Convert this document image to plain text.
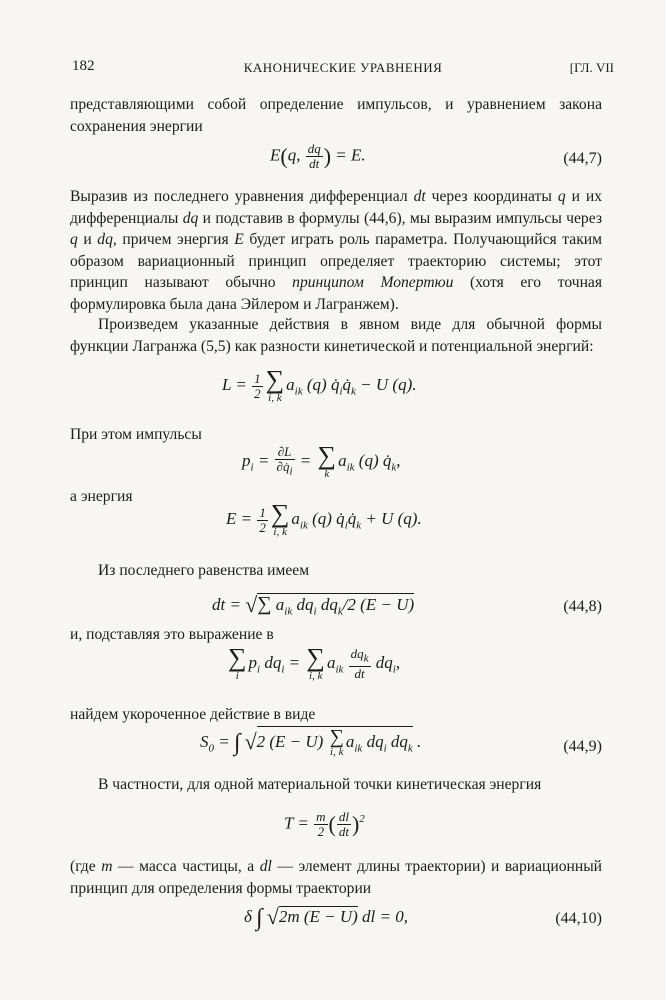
182	КАНОНИЧЕСКИЕ УРАВНЕНИЯ	[ГЛ. VII
представляющими собой определение импульсов, и уравнением закона сохранения энергии
E(q, $\frac{dq}{dt}$ ) = E.	(44,7)
Выразив из последнего уравнения дифференциал dt через координаты q и их дифференциалы dq и подставив в формулы (44,6), мы выразим импульсы через q и dq, причем энергия E будет играть роль параметра. Получающийся таким образом вариационный принцип определяет траекторию системы; этот принцип называют обычно принципом Мопертюи (хотя его точная формулировка была дана Эйлером и Лагранжем).
Произведем указанные действия в явном виде для обычной формы функции Лагранжа (5,5) как разности кинетической и потенциальной энергий:
$L = \frac{1}{2}$ ∑
i, k
$a_{ik}$ (q) $q̇_iq̇_k - U$ (q).
При этом импульсы
$p_i = \frac{\partial L}{\partial q̇_i}$ = ∑
k
$a_{ik}$ (q) $q̇_k$,
а энергия
$E = \frac{1}{2}$ ∑
i, k
$a_{ik}$ (q) $q̇_iq̇_k + U$ (q).
Из последнего равенства имеем
dt = √∑ $a_{ik}$ $dq_i$ $dq_k/2$ (E − U)	(44,8)
и, подставляя это выражение в
∑
i
$p_i$ $dq_i$ = ∑
i, k
$a_{ik} \frac{dq_k}{dt} dq_i$,
найдем укороченное действие в виде
$S_0$ = ∫ √2 (E − U) ∑
i, k
$a_{ik}$ $dq_i$ $dq_k$ .	(44,9)
В частности, для одной материальной точки кинетическая энергия
$T = \frac{m}{2}$ ( $\frac{dl}{dt} )^2$
(где m — масса частицы, а dl — элемент длины траектории) и вариационный принцип для определения формы траектории
δ ∫ √2m (E − U) dl = 0,	(44,10)
